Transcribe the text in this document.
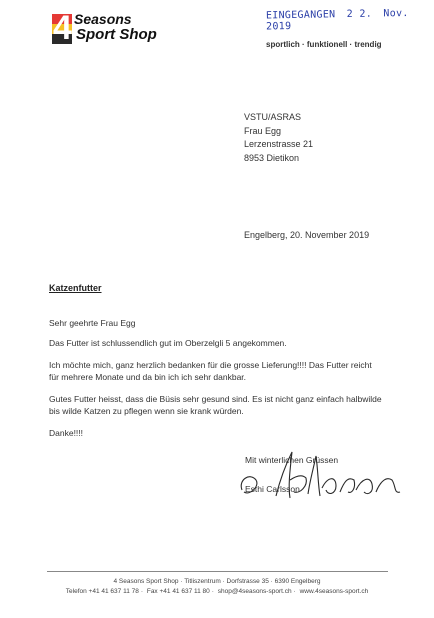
4 Seasons
Sport Shop
EINGEGANGEN 2 2. Nov. 2019
sportlich · funktionell · trendig
VSTU/ASRAS
Frau Egg
Lerzenstrasse 21
8953 Dietikon
Engelberg, 20. November 2019
Katzenfutter
Sehr geehrte Frau Egg
Das Futter ist schlussendlich gut im Oberzelgli 5 angekommen.
Ich möchte mich, ganz herzlich bedanken für die grosse Lieferung!!!! Das Futter reicht
für mehrere Monate und da bin ich ich sehr dankbar.
Gutes Futter heisst, dass die Büsis sehr gesund sind. Es ist nicht ganz einfach halbwilde
bis wilde Katzen zu pflegen wenn sie krank würden.
Danke!!!!
Mit winterlichen Grüssen
Esthi Carlsson
4 Seasons Sport Shop · Titliszentrum · Dorfstrasse 35 · 6390 Engelberg
Telefon +41 41 637 11 78 · Fax +41 41 637 11 80 · shop@4seasons-sport.ch · www.4seasons-sport.ch
